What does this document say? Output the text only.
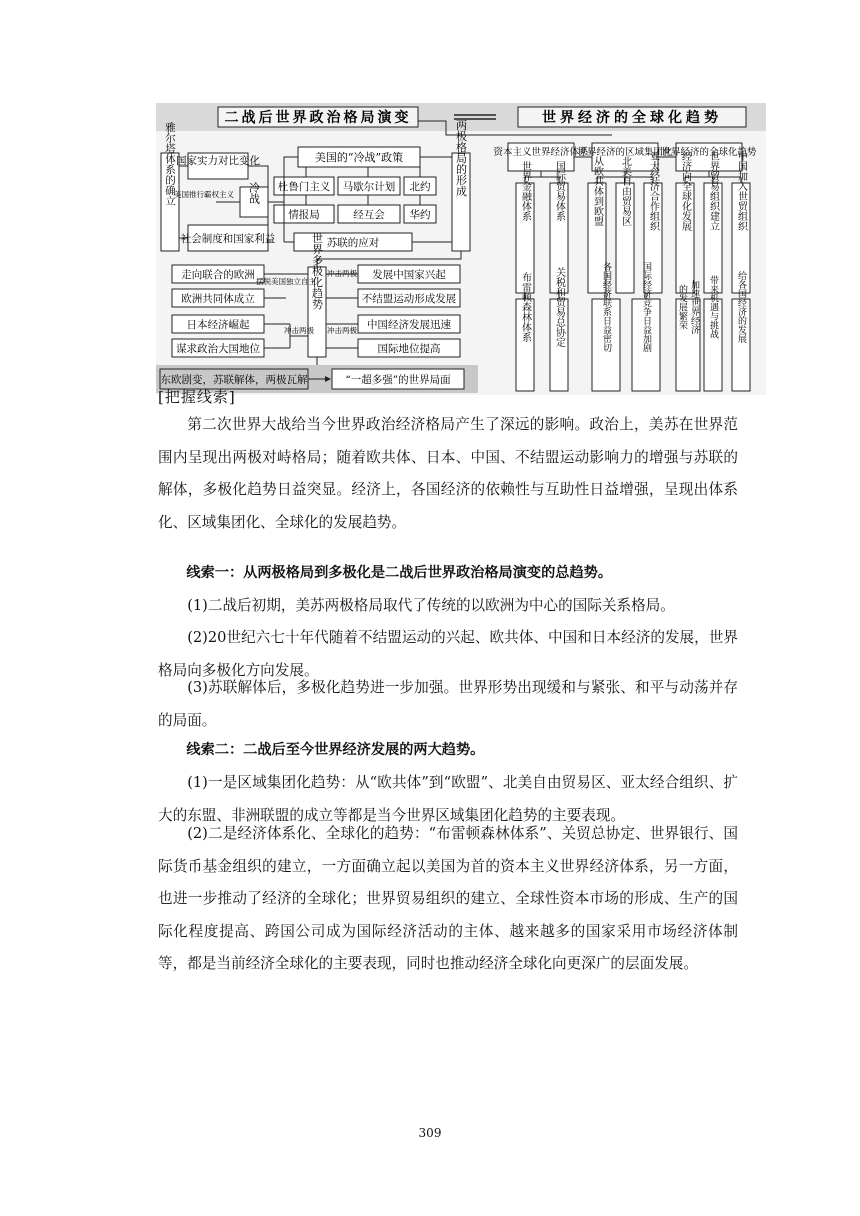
二战后世界政治格局演变	世界经济的全球化趋势
雅尔塔体系的确立 国家实力对比变化
美国推行霸权主义 冷战
社会制度和国家利益
美国的“冷战”政策
杜鲁门主义 马歇尔计划 北约
情报局	经互会 华约
苏联的应对
两极格局的形成
走向联合的欧洲
欧洲共同体成立
摆脱美国独立自主
世界多极化趋势 冲击两极 发展中国家兴起
不结盟运动形成发展
日本经济崛起
谋求政治大国地位
冲击两极 冲击两极 中国经济发展迅速
国际地位提高
东欧剧变，苏联解体，两极瓦解	“一超多强”的世界局面
资本主义世界经济体系
世界经济的区域集团化
世界经济的全球化趋势
世界金融体系 国际贸易体系	从欧共体到欧盟 北美自由贸易区 亚太经济合作组织 经济向全球化发展 世界贸易组织建立 中国加入世贸组织
布雷顿森林体系 关税和贸易总协定	各国经济联系日益密切	国际经济竞争日益加剧	的发展繁荣 加速世界经济 带来机遇与挑战 给各国经济的发展
[把握线索]

第二次世界大战给当今世界政治经济格局产生了深远的影响。政治上，美苏在世界范围内呈现出两极对峙格局；随着欧共体、日本、中国、不结盟运动影响力的增强与苏联的解体，多极化趋势日益突显。经济上，各国经济的依赖性与互助性日益增强，呈现出体系化、区域集团化、全球化的发展趋势。

线索一：从两极格局到多极化是二战后世界政治格局演变的总趋势。

(1)二战后初期，美苏两极格局取代了传统的以欧洲为中心的国际关系格局。

(2)20世纪六七十年代随着不结盟运动的兴起、欧共体、中国和日本经济的发展，世界格局向多极化方向发展。

(3)苏联解体后，多极化趋势进一步加强。世界形势出现缓和与紧张、和平与动荡并存的局面。

线索二：二战后至今世界经济发展的两大趋势。

(1)一是区域集团化趋势：从“欧共体”到“欧盟”、北美自由贸易区、亚太经合组织、扩大的东盟、非洲联盟的成立等都是当今世界区域集团化趋势的主要表现。

(2)二是经济体系化、全球化的趋势：“布雷顿森林体系”、关贸总协定、世界银行、国际货币基金组织的建立，一方面确立起以美国为首的资本主义世界经济体系，另一方面，也进一步推动了经济的全球化；世界贸易组织的建立、全球性资本市场的形成、生产的国际化程度提高、跨国公司成为国际经济活动的主体、越来越多的国家采用市场经济体制等，都是当前经济全球化的主要表现，同时也推动经济全球化向更深广的层面发展。

309
